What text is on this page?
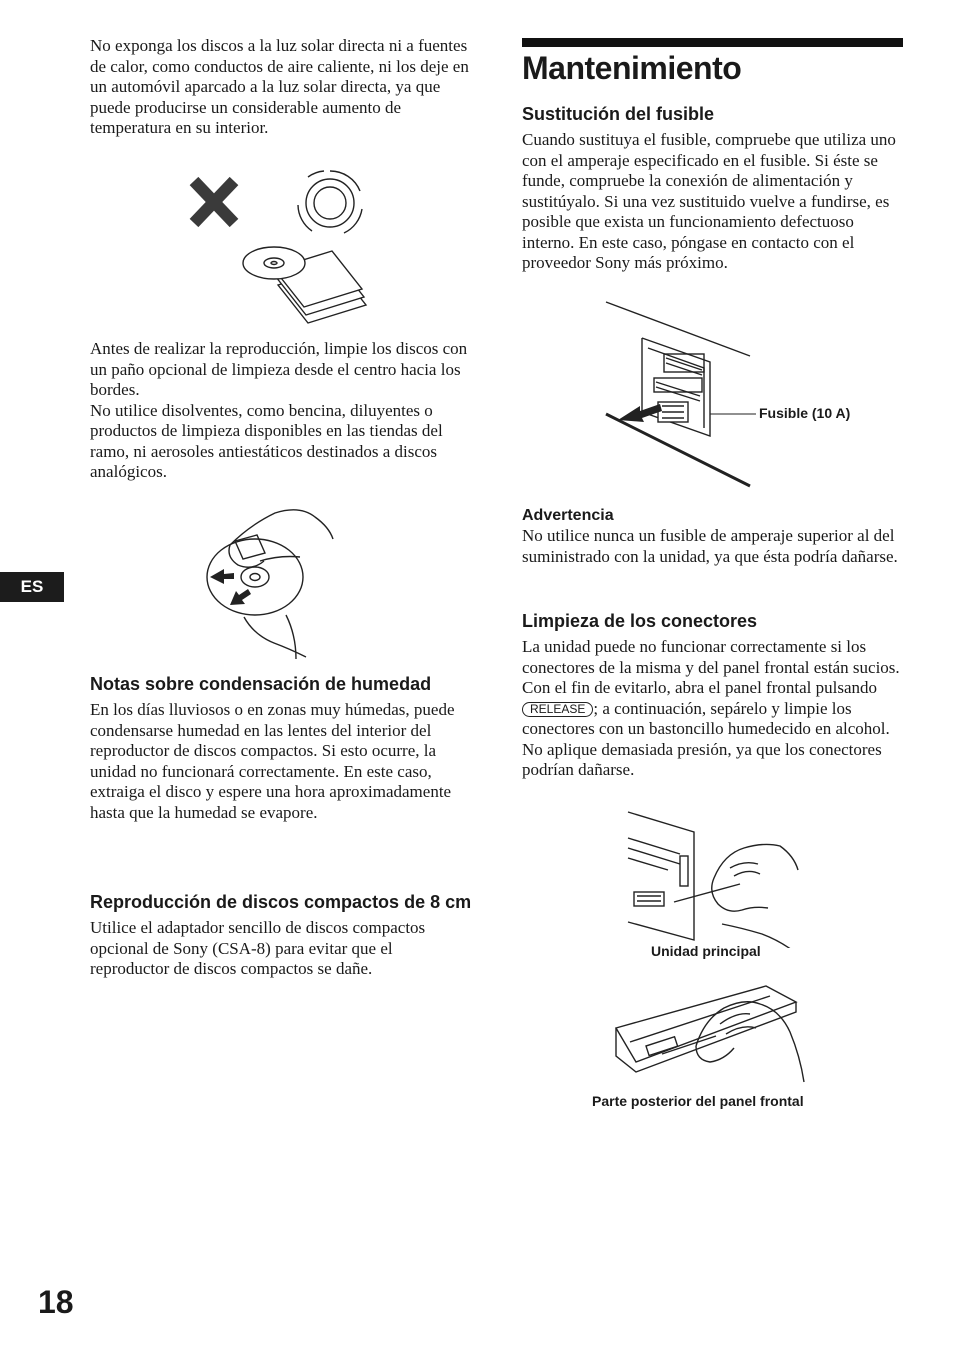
No exponga los discos a la luz solar directa ni a fuentes de calor, como conductos de aire caliente, ni los deje en un automóvil aparcado a la luz solar directa, ya que puede producirse un considerable aumento de temperatura en su interior.

Antes de realizar la reproducción, limpie los discos con un paño opcional de limpieza desde el centro hacia los bordes.

No utilice disolventes, como bencina, diluyentes o productos de limpieza disponibles en las tiendas del ramo, ni aerosoles antiestáticos destinados a discos analógicos.

Notas sobre condensación de humedad

En los días lluviosos o en zonas muy húmedas, puede condensarse humedad en las lentes del interior del reproductor de discos compactos. Si esto ocurre, la unidad no funcionará correctamente. En este caso, extraiga el disco y espere una hora aproximadamente hasta que la humedad se evapore.

Reproducción de discos compactos de 8 cm

Utilice el adaptador sencillo de discos compactos opcional de Sony (CSA-8) para evitar que el reproductor de discos compactos se dañe.

ES
18
Mantenimiento
Sustitución del fusible

Cuando sustituya el fusible, compruebe que utiliza uno con el amperaje especificado en el fusible. Si éste se funde, compruebe la conexión de alimentación y sustitúyalo. Si una vez sustituido vuelve a fundirse, es posible que exista un funcionamiento defectuoso interno. En este caso, póngase en contacto con el proveedor Sony más próximo.

Fusible (10 A)
Advertencia

No utilice nunca un fusible de amperaje superior al del suministrado con la unidad, ya que ésta podría dañarse.

Limpieza de los conectores

La unidad puede no funcionar correctamente si los conectores de la misma y del panel frontal están sucios. Con el fin de evitarlo, abra el panel frontal pulsando RELEASE ; a continuación, sepárelo y limpie los conectores con un bastoncillo humedecido en alcohol. No aplique demasiada presión, ya que los conectores podrían dañarse.

Unidad principal
Parte posterior del panel frontal
